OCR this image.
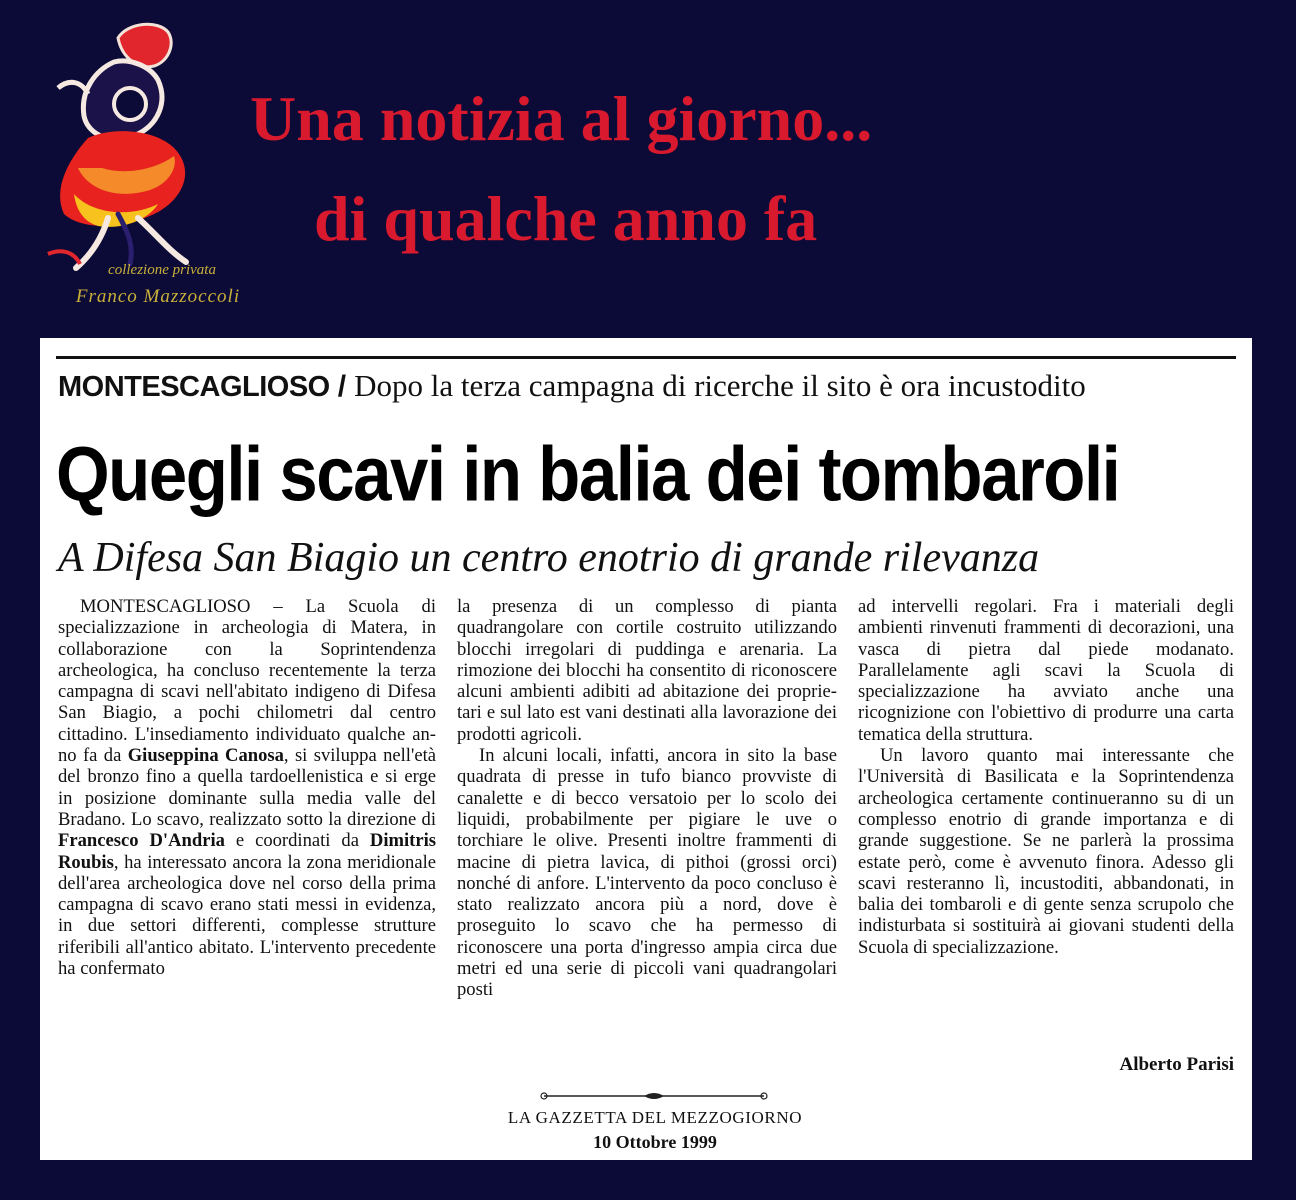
collezione privata
Franco Mazzoccoli
Una notizia al giorno...
di qualche anno fa
MONTESCAGLIOSO / Dopo la terza campagna di ricerche il sito è ora incustodito
Quegli scavi in balia dei tombaroli
A Difesa San Biagio un centro enotrio di grande rilevanza

MONTESCAGLIOSO – La Scuola di specializzazione in archeologia di Matera, in collaborazione con la Soprintendenza archeologica, ha concluso recentemente la terza campagna di scavi nell'abitato indigeno di Difesa San Biagio, a pochi chilometri dal centro cittadino. L'insediamento individuato qualche anno fa da Giuseppina Canosa, si sviluppa nell'età del bronzo fino a quella tardoellenistica e si erge in posizione dominante sulla media valle del Bradano. Lo scavo, realizzato sotto la direzione di Francesco D'Andria e coordinati da Dimitris Roubis, ha interessato ancora la zona meridionale dell'area archeologica dove nel corso della prima campagna di scavo erano stati messi in evidenza, in due settori differenti, complesse strutture riferibili all'antico abitato. L'intervento precedente ha confermato

la presenza di un complesso di pianta quadrangolare con cortile costruito utilizzando blocchi irregolari di puddinga e arenaria. La rimozione dei blocchi ha consentito di riconoscere alcuni ambienti adibiti ad abitazione dei proprietari e sul lato est vani destinati alla lavorazione dei prodotti agricoli.

In alcuni locali, infatti, ancora in sito la base quadrata di presse in tufo bianco provviste di canalette e di becco versatoio per lo scolo dei liquidi, probabilmente per pigiare le uve o torchiare le olive. Presenti inoltre frammenti di macine di pietra lavica, di pithoi (grossi orci) nonché di anfore. L'intervento da poco concluso è stato realizzato ancora più a nord, dove è proseguito lo scavo che ha permesso di riconoscere una porta d'ingresso ampia circa due metri ed una serie di piccoli vani quadrangolari posti

ad intervelli regolari. Fra i materiali degli ambienti rinvenuti frammenti di decorazioni, una vasca di pietra dal piede modanato. Parallelamente agli scavi la Scuola di specializzazione ha avviato anche una ricognizione con l'obiettivo di produrre una carta tematica della struttura.

Un lavoro quanto mai interessante che l'Università di Basilicata e la Soprintendenza archeologica certamente continueranno su di un complesso enotrio di grande importanza e di grande suggestione. Se ne parlerà la prossima estate però, come è avvenuto finora. Adesso gli scavi resteranno lì, incustoditi, abbandonati, in balia dei tombaroli e di gente senza scrupolo che indisturbata si sostituirà ai giovani studenti della Scuola di specializzazione.

Alberto Parisi
LA GAZZETTA DEL MEZZOGIORNO
10 Ottobre 1999
